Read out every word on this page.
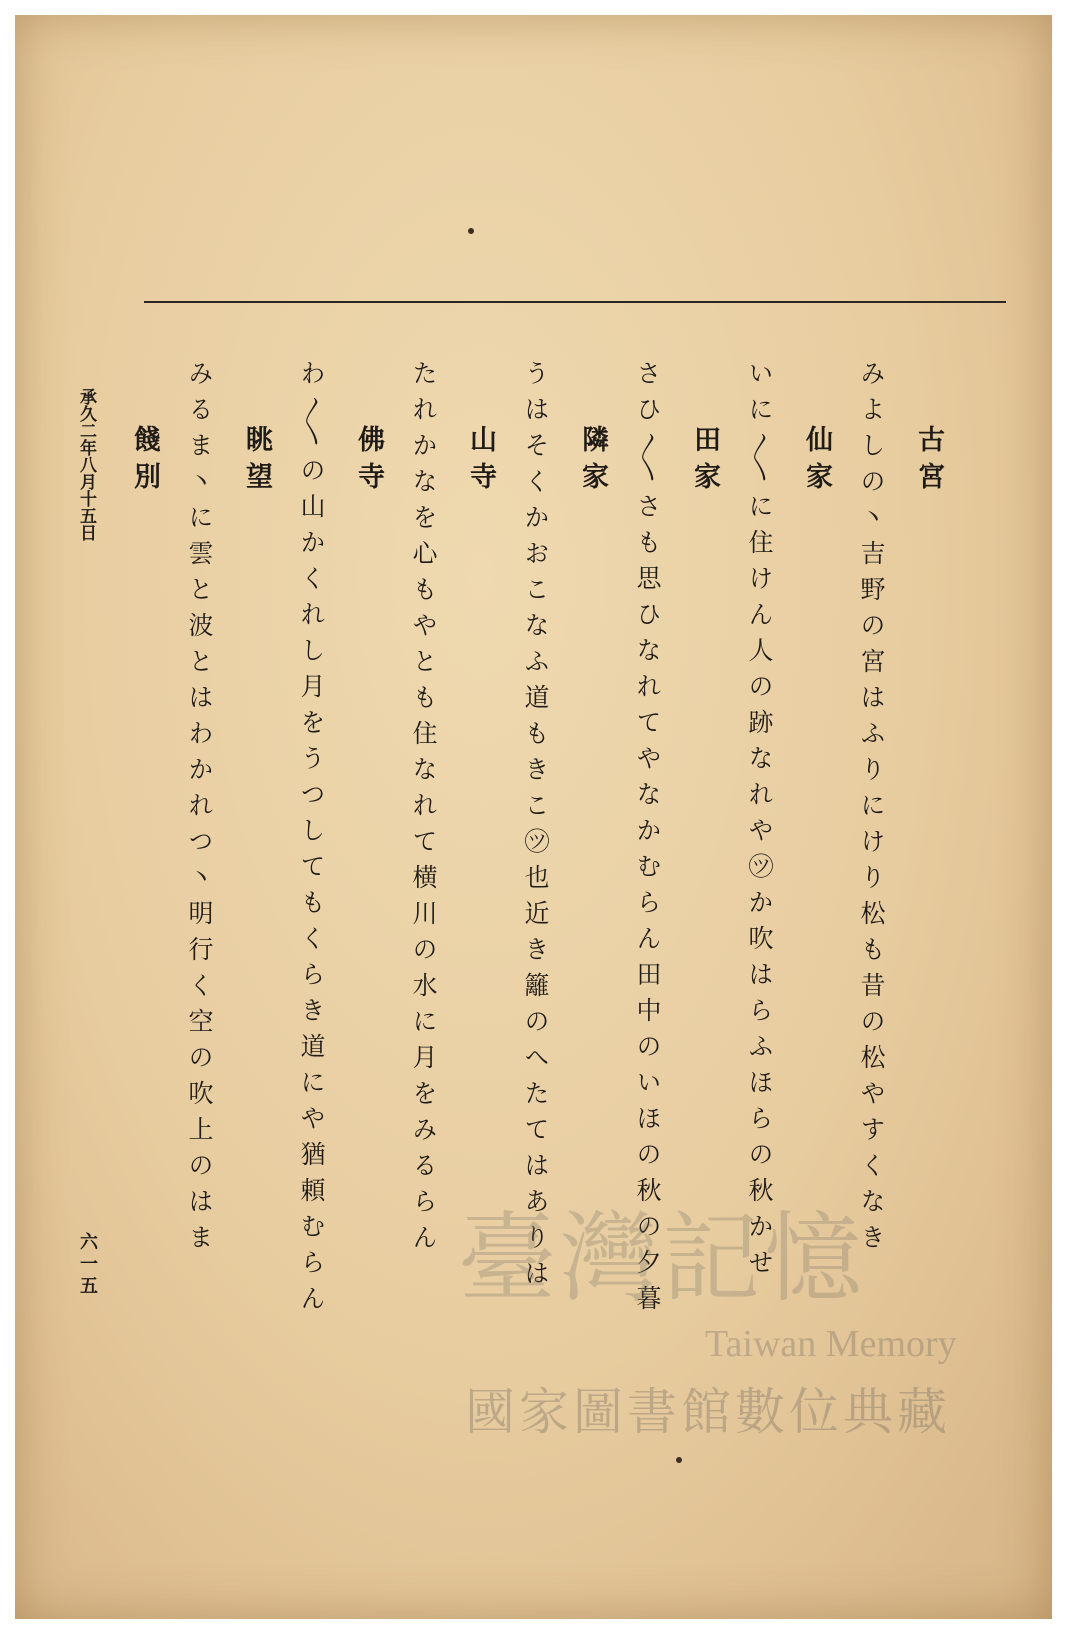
古宮
みよしの丶吉野の宮はふりにけり松も昔の松やすくなき
仙家
いに〳〵に住けん人の跡なれや㋡か吹はらふほらの秋かせ
田家
さひ〳〵さも思ひなれてやなかむらん田中のいほの秋の夕暮
隣家
うはそくかおこなふ道もきこ㋡也近き籬のへたてはありは
山寺
たれかなを心もやとも住なれて横川の水に月をみるらん
佛寺
わ〳〵の山かくれし月をうつしてもくらき道にや猶頼むらん
眺望
みるま丶に雲と波とはわかれつ丶明行く空の吹上のはま
餞別
承久二年八月十五日
六一五	臺灣記憶
Taiwan Memory
國家圖書館數位典藏
